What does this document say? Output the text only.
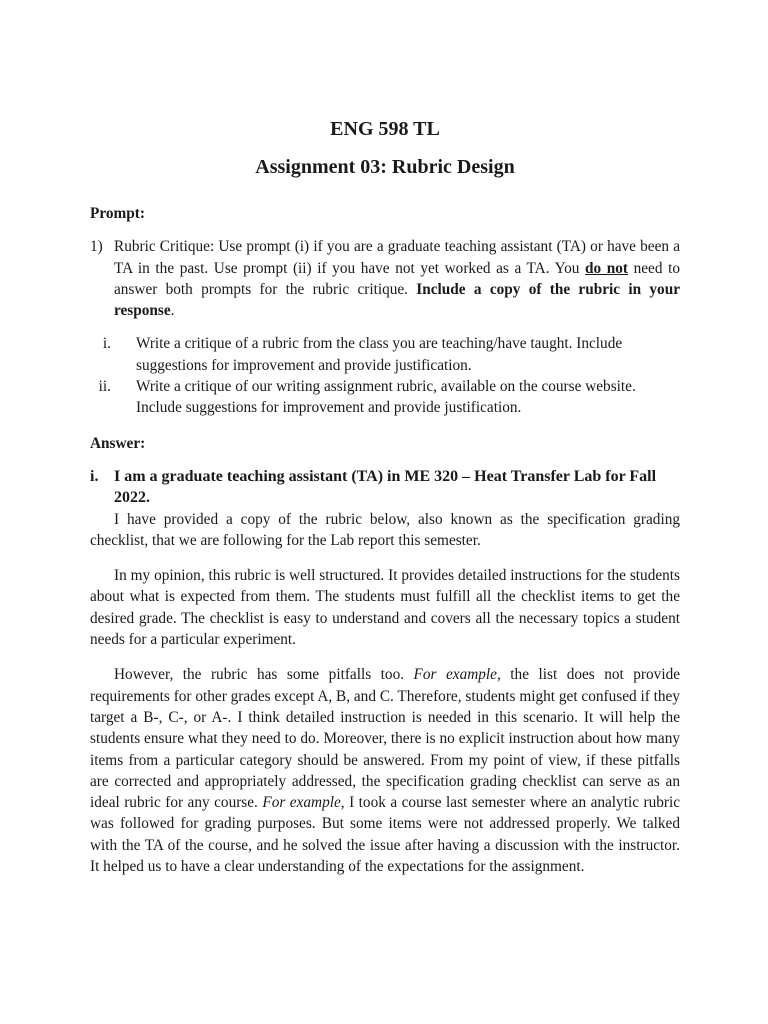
ENG 598 TL
Assignment 03: Rubric Design

Prompt:

1) Rubric Critique: Use prompt (i) if you are a graduate teaching assistant (TA) or have been a TA in the past. Use prompt (ii) if you have not yet worked as a TA. You do not need to answer both prompts for the rubric critique. Include a copy of the rubric in your response.
i. Write a critique of a rubric from the class you are teaching/have taught. Include suggestions for improvement and provide justification.
ii. Write a critique of our writing assignment rubric, available on the course website. Include suggestions for improvement and provide justification.

Answer:

i. I am a graduate teaching assistant (TA) in ME 320 – Heat Transfer Lab for Fall 2022.

I have provided a copy of the rubric below, also known as the specification grading checklist, that we are following for the Lab report this semester.

In my opinion, this rubric is well structured. It provides detailed instructions for the students about what is expected from them. The students must fulfill all the checklist items to get the desired grade. The checklist is easy to understand and covers all the necessary topics a student needs for a particular experiment.

However, the rubric has some pitfalls too. For example, the list does not provide requirements for other grades except A, B, and C. Therefore, students might get confused if they target a B-, C-, or A-. I think detailed instruction is needed in this scenario. It will help the students ensure what they need to do. Moreover, there is no explicit instruction about how many items from a particular category should be answered. From my point of view, if these pitfalls are corrected and appropriately addressed, the specification grading checklist can serve as an ideal rubric for any course. For example, I took a course last semester where an analytic rubric was followed for grading purposes. But some items were not addressed properly. We talked with the TA of the course, and he solved the issue after having a discussion with the instructor. It helped us to have a clear understanding of the expectations for the assignment.
